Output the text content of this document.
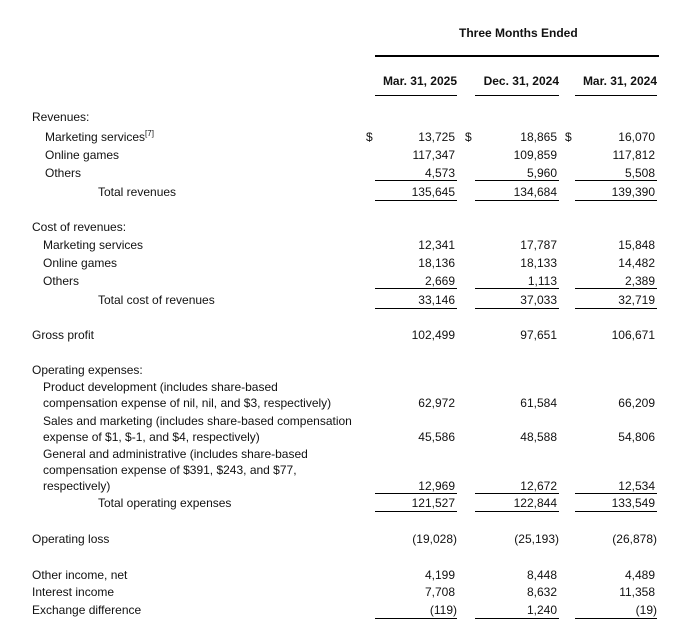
Three Months Ended
Mar. 31, 2025	Dec. 31, 2024	Mar. 31, 2024
Revenues:
Marketing services[7]	$	13,725 $	18,865 $	16,070
Online games	117,347	109,859	117,812
Others	4,573	5,960	5,508
Total revenues	135,645	134,684	139,390
Cost of revenues:
Marketing services	12,341	17,787	15,848
Online games	18,136	18,133	14,482
Others	2,669	1,113	2,389
Total cost of revenues	33,146	37,033	32,719
Gross profit	102,499	97,651	106,671
Operating expenses:
Product development (includes share-based
compensation expense of nil, nil, and $3, respectively)	62,972	61,584	66,209
Sales and marketing (includes share-based compensation
expense of $1, $-1, and $4, respectively)	45,586	48,588	54,806
General and administrative (includes share-based
compensation expense of $391, $243, and $77,
respectively)	12,969	12,672	12,534
Total operating expenses	121,527	122,844	133,549
Operating loss	(19,028)	(25,193)	(26,878)
Other income, net	4,199	8,448	4,489
Interest income	7,708	8,632	11,358
Exchange difference	(119)	1,240	(19)
